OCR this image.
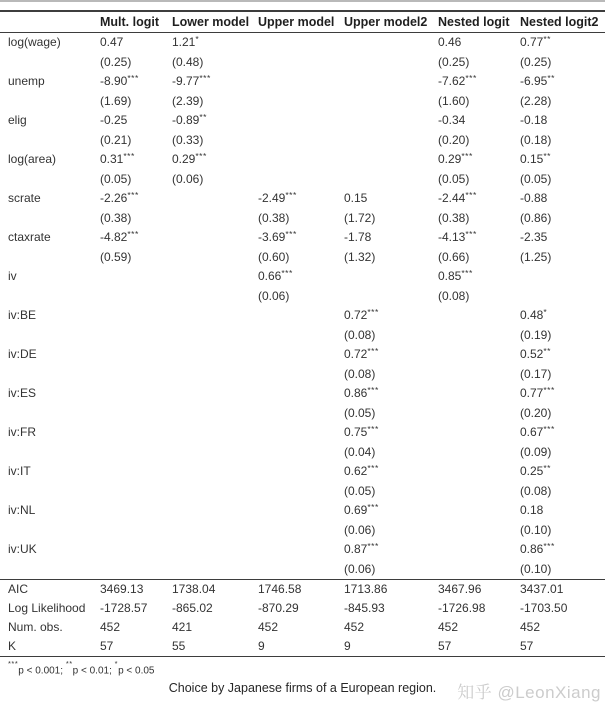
	Mult. logit	Lower model	Upper model	Upper model2	Nested logit	Nested logit2
log(wage)	0.47	1.21*			0.46	0.77**
	(0.25)	(0.48)			(0.25)	(0.25)
unemp	-8.90***	-9.77***			-7.62***	-6.95**
	(1.69)	(2.39)			(1.60)	(2.28)
elig	-0.25	-0.89**			-0.34	-0.18
	(0.21)	(0.33)			(0.20)	(0.18)
log(area)	0.31***	0.29***			0.29***	0.15**
	(0.05)	(0.06)			(0.05)	(0.05)
scrate	-2.26***		-2.49***	0.15	-2.44***	-0.88
	(0.38)		(0.38)	(1.72)	(0.38)	(0.86)
ctaxrate	-4.82***		-3.69***	-1.78	-4.13***	-2.35
	(0.59)		(0.60)	(1.32)	(0.66)	(1.25)
iv			0.66***		0.85***	
			(0.06)		(0.08)	
iv:BE				0.72***		0.48*
				(0.08)		(0.19)
iv:DE				0.72***		0.52**
				(0.08)		(0.17)
iv:ES				0.86***		0.77***
				(0.05)		(0.20)
iv:FR				0.75***		0.67***
				(0.04)		(0.09)
iv:IT				0.62***		0.25**
				(0.05)		(0.08)
iv:NL				0.69***		0.18
				(0.06)		(0.10)
iv:UK				0.87***		0.86***
				(0.06)		(0.10)
AIC	3469.13	1738.04	1746.58	1713.86	3467.96	3437.01
Log Likelihood	-1728.57	-865.02	-870.29	-845.93	-1726.98	-1703.50
Num. obs.	452	421	452	452	452	452
K	57	55	9	9	57	57
***p < 0.001; **p < 0.01; *p < 0.05
Choice by Japanese firms of a European region. 知乎 @LeonXiang
